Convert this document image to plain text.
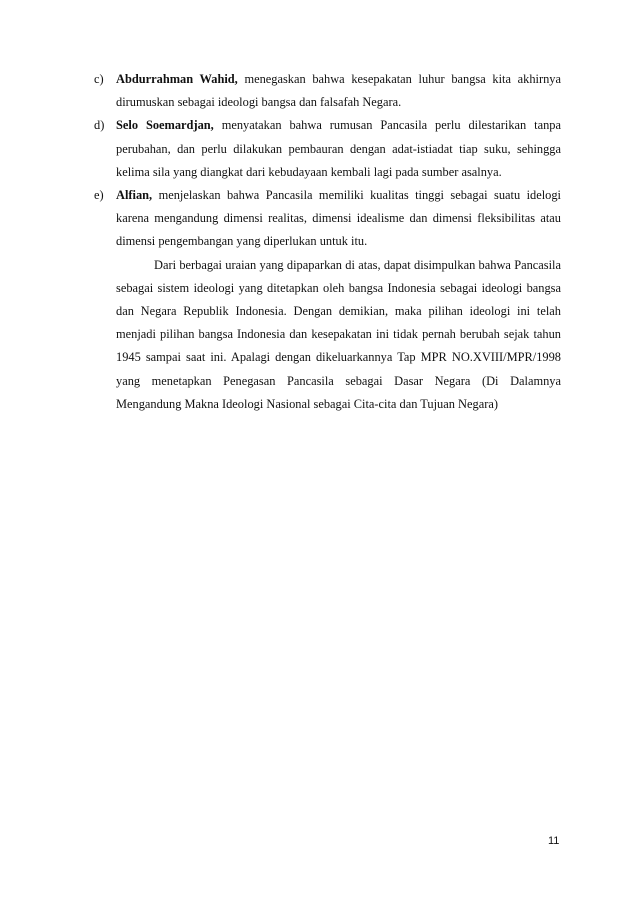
c) Abdurrahman Wahid, menegaskan bahwa kesepakatan luhur bangsa kita akhirnya dirumuskan sebagai ideologi bangsa dan falsafah Negara.

d) Selo Soemardjan, menyatakan bahwa rumusan Pancasila perlu dilestarikan tanpa perubahan, dan perlu dilakukan pembauran dengan adat-istiadat tiap suku, sehingga kelima sila yang diangkat dari kebudayaan kembali lagi pada sumber asalnya.

e) Alfian, menjelaskan bahwa Pancasila memiliki kualitas tinggi sebagai suatu idelogi karena mengandung dimensi realitas, dimensi idealisme dan dimensi fleksibilitas atau dimensi pengembangan yang diperlukan untuk itu.

Dari berbagai uraian yang dipaparkan di atas, dapat disimpulkan bahwa Pancasila sebagai sistem ideologi yang ditetapkan oleh bangsa Indonesia sebagai ideologi bangsa dan Negara Republik Indonesia. Dengan demikian, maka pilihan ideologi ini telah menjadi pilihan bangsa Indonesia dan kesepakatan ini tidak pernah berubah sejak tahun 1945 sampai saat ini. Apalagi dengan dikeluarkannya Tap MPR NO.XVIII/MPR/1998 yang menetapkan Penegasan Pancasila sebagai Dasar Negara (Di Dalamnya Mengandung Makna Ideologi Nasional sebagai Cita-cita dan Tujuan Negara)

11
